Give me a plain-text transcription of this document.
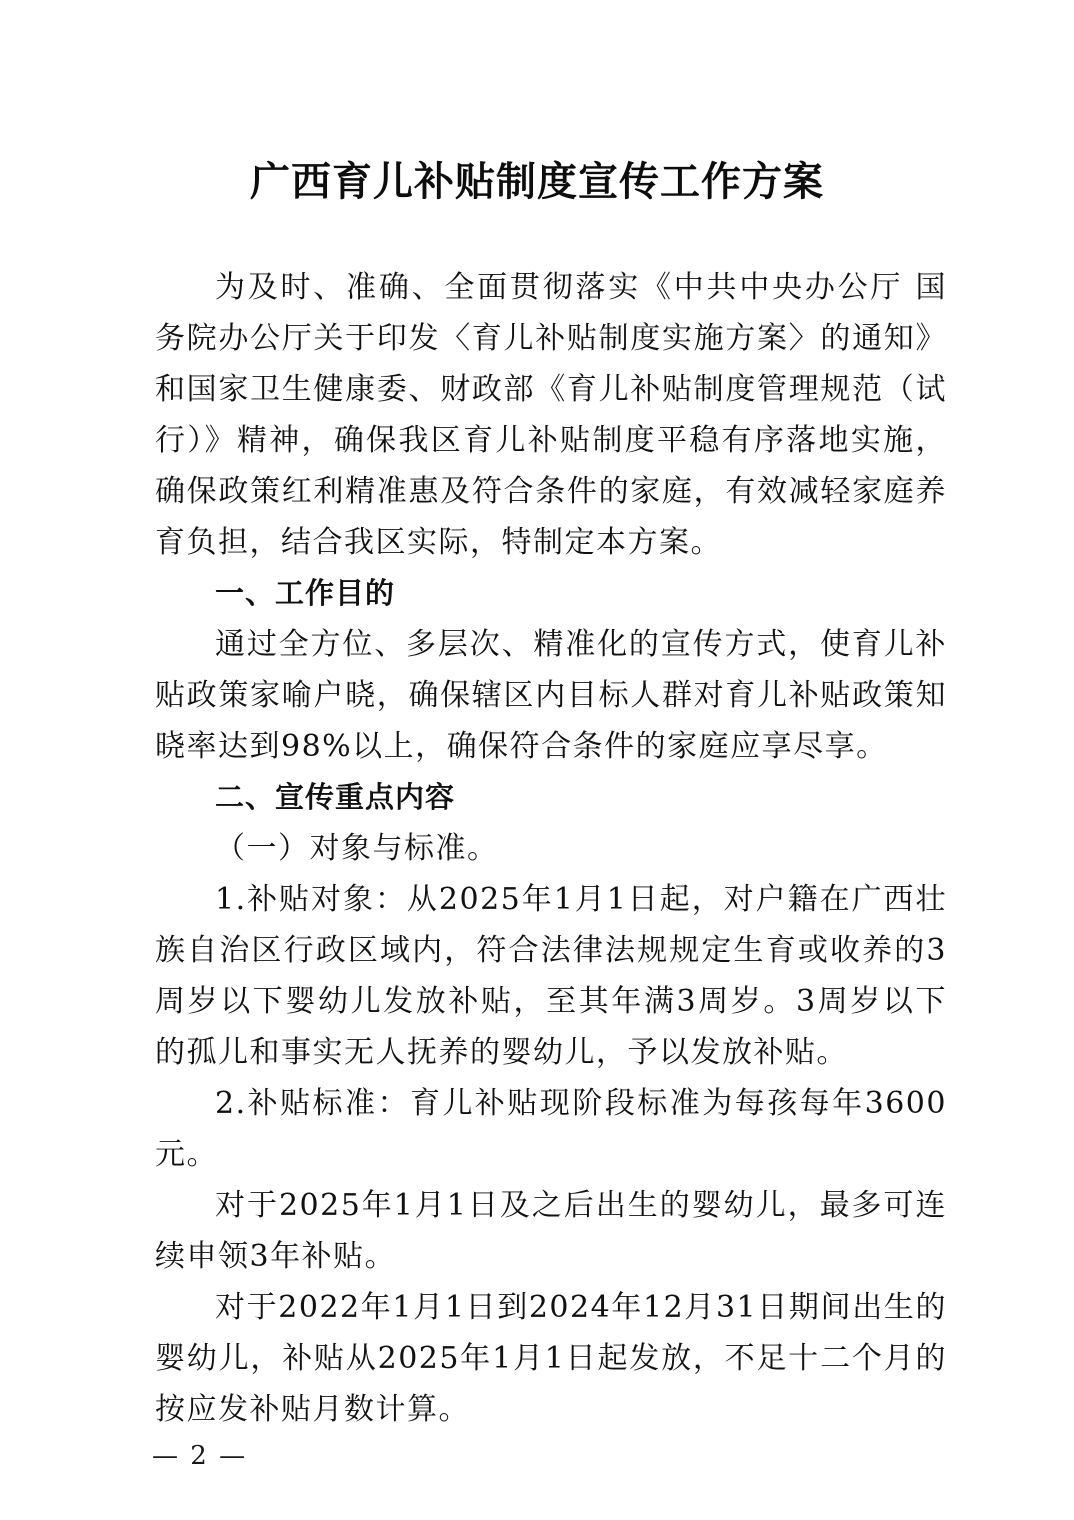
广西育儿补贴制度宣传工作方案

为及时、准确、全面贯彻落实《中共中央办公厅 国务院办公厅关于印发〈育儿补贴制度实施方案〉的通知》和国家卫生健康委、财政部《育儿补贴制度管理规范（试行）》精神，确保我区育儿补贴制度平稳有序落地实施，确保政策红利精准惠及符合条件的家庭，有效减轻家庭养育负担，结合我区实际，特制定本方案。

一、工作目的

通过全方位、多层次、精准化的宣传方式，使育儿补贴政策家喻户晓，确保辖区内目标人群对育儿补贴政策知晓率达到98%以上，确保符合条件的家庭应享尽享。

二、宣传重点内容

（一）对象与标准。

1.补贴对象：从2025年1月1日起，对户籍在广西壮族自治区行政区域内，符合法律法规规定生育或收养的3周岁以下婴幼儿发放补贴，至其年满3周岁。3周岁以下的孤儿和事实无人抚养的婴幼儿，予以发放补贴。

2.补贴标准：育儿补贴现阶段标准为每孩每年3600元。

对于2025年1月1日及之后出生的婴幼儿，最多可连续申领3年补贴。

对于2022年1月1日到2024年12月31日期间出生的婴幼儿，补贴从2025年1月1日起发放，不足十二个月的按应发补贴月数计算。

— 2 —
